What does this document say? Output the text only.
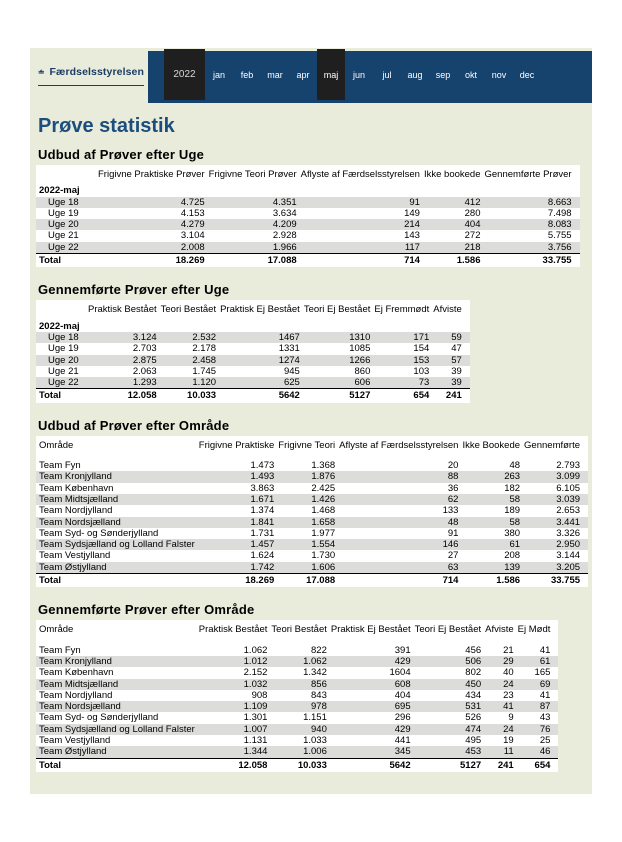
Færdselsstyrelsen	2022	jan	feb	mar	apr	maj	jun	jul	aug	sep	okt	nov	dec
Prøve statistik
Udbud af Prøver efter Uge
	Frigivne Praktiske Prøver	Frigivne Teori Prøver	Aflyste af Færdselsstyrelsen	Ikke bookede	Gennemførte Prøver
2022-maj					
Uge 18	4.725	4.351	91	412	8.663
Uge 19	4.153	3.634	149	280	7.498
Uge 20	4.279	4.209	214	404	8.083
Uge 21	3.104	2.928	143	272	5.755
Uge 22	2.008	1.966	117	218	3.756
Total	18.269	17.088	714	1.586	33.755
Gennemførte Prøver efter Uge
	Praktisk Bestået	Teori Bestået	Praktisk Ej Bestået	Teori Ej Bestået	Ej Fremmødt	Afviste
2022-maj						
Uge 18	3.124	2.532	1467	1310	171	59
Uge 19	2.703	2.178	1331	1085	154	47
Uge 20	2.875	2.458	1274	1266	153	57
Uge 21	2.063	1.745	945	860	103	39
Uge 22	1.293	1.120	625	606	73	39
Total	12.058	10.033	5642	5127	654	241
Udbud af Prøver efter Område
Område	Frigivne Praktiske	Frigivne Teori	Aflyste af Færdselsstyrelsen	Ikke Bookede	Gennemførte

Team Fyn	1.473	1.368	20	48	2.793
Team Kronjylland	1.493	1.876	88	263	3.099
Team København	3.863	2.425	36	182	6.105
Team Midtsjælland	1.671	1.426	62	58	3.039
Team Nordjylland	1.374	1.468	133	189	2.653
Team Nordsjælland	1.841	1.658	48	58	3.441
Team Syd- og Sønderjylland	1.731	1.977	91	380	3.326
Team Sydsjælland og Lolland Falster	1.457	1.554	146	61	2.950
Team Vestjylland	1.624	1.730	27	208	3.144
Team Østjylland	1.742	1.606	63	139	3.205
Total	18.269	17.088	714	1.586	33.755
Gennemførte Prøver efter Område
Område	Praktisk Bestået	Teori Bestået	Praktisk Ej Bestået	Teori Ej Bestået	Afviste	Ej Mødt

Team Fyn	1.062	822	391	456	21	41
Team Kronjylland	1.012	1.062	429	506	29	61
Team København	2.152	1.342	1604	802	40	165
Team Midtsjælland	1.032	856	608	450	24	69
Team Nordjylland	908	843	404	434	23	41
Team Nordsjælland	1.109	978	695	531	41	87
Team Syd- og Sønderjylland	1.301	1.151	296	526	9	43
Team Sydsjælland og Lolland Falster	1.007	940	429	474	24	76
Team Vestjylland	1.131	1.033	441	495	19	25
Team Østjylland	1.344	1.006	345	453	11	46
Total	12.058	10.033	5642	5127	241	654
